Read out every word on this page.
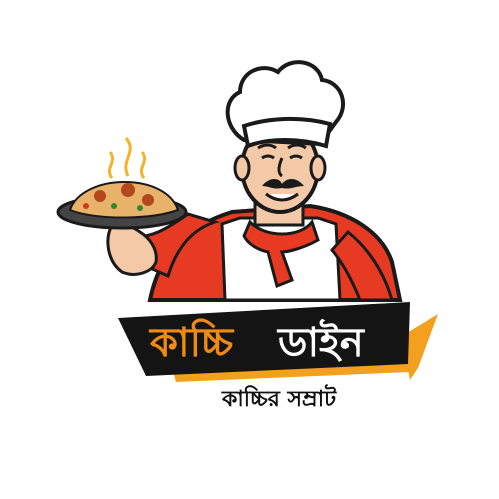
কাচ্চি ডাইন
কাচ্চির সম্রাট
